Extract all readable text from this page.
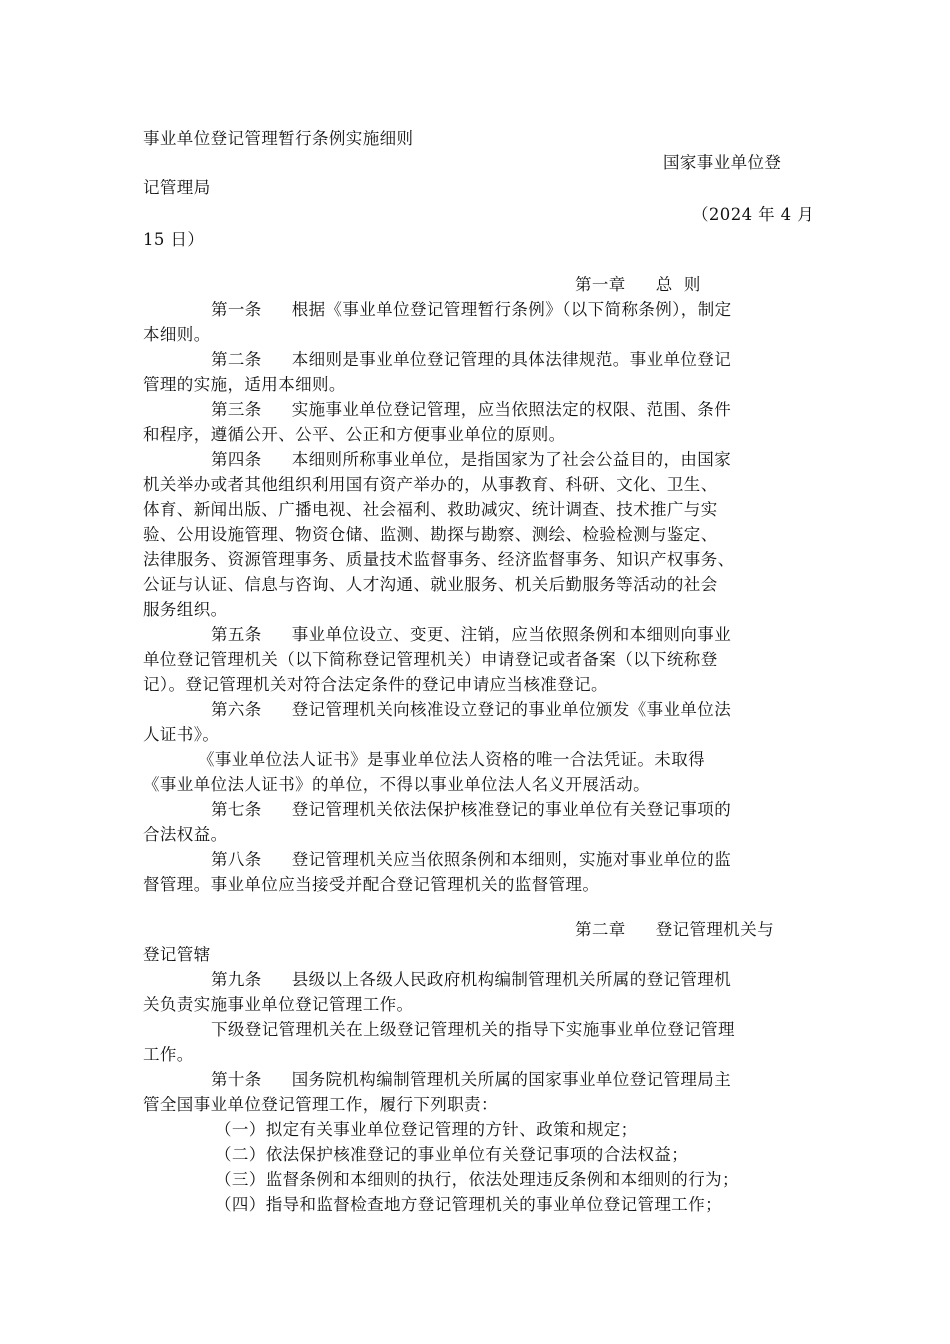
事业单位登记管理暂行条例实施细则
国家事业单位登
记管理局
（2024 年 4 月
15 日）
第一章 总  则
第一条 根据《事业单位登记管理暂行条例》（以下简称条例），制定
本细则。
第二条 本细则是事业单位登记管理的具体法律规范。事业单位登记
管理的实施，适用本细则。
第三条 实施事业单位登记管理，应当依照法定的权限、范围、条件
和程序，遵循公开、公平、公正和方便事业单位的原则。
第四条 本细则所称事业单位，是指国家为了社会公益目的，由国家
机关举办或者其他组织利用国有资产举办的，从事教育、科研、文化、卫生、
体育、新闻出版、广播电视、社会福利、救助减灾、统计调查、技术推广与实
验、公用设施管理、物资仓储、监测、勘探与勘察、测绘、检验检测与鉴定、
法律服务、资源管理事务、质量技术监督事务、经济监督事务、知识产权事务、
公证与认证、信息与咨询、人才沟通、就业服务、机关后勤服务等活动的社会
服务组织。
第五条 事业单位设立、变更、注销，应当依照条例和本细则向事业
单位登记管理机关（以下简称登记管理机关）申请登记或者备案（以下统称登
记）。登记管理机关对符合法定条件的登记申请应当核准登记。
第六条 登记管理机关向核准设立登记的事业单位颁发《事业单位法
人证书》。
《事业单位法人证书》是事业单位法人资格的唯一合法凭证。未取得
《事业单位法人证书》的单位，不得以事业单位法人名义开展活动。
第七条 登记管理机关依法保护核准登记的事业单位有关登记事项的
合法权益。
第八条 登记管理机关应当依照条例和本细则，实施对事业单位的监
督管理。事业单位应当接受并配合登记管理机关的监督管理。
第二章 登记管理机关与
登记管辖
第九条 县级以上各级人民政府机构编制管理机关所属的登记管理机
关负责实施事业单位登记管理工作。
下级登记管理机关在上级登记管理机关的指导下实施事业单位登记管理
工作。
第十条 国务院机构编制管理机关所属的国家事业单位登记管理局主
管全国事业单位登记管理工作，履行下列职责：
（一）拟定有关事业单位登记管理的方针、政策和规定；
（二）依法保护核准登记的事业单位有关登记事项的合法权益；
（三）监督条例和本细则的执行，依法处理违反条例和本细则的行为；
（四）指导和监督检查地方登记管理机关的事业单位登记管理工作；
